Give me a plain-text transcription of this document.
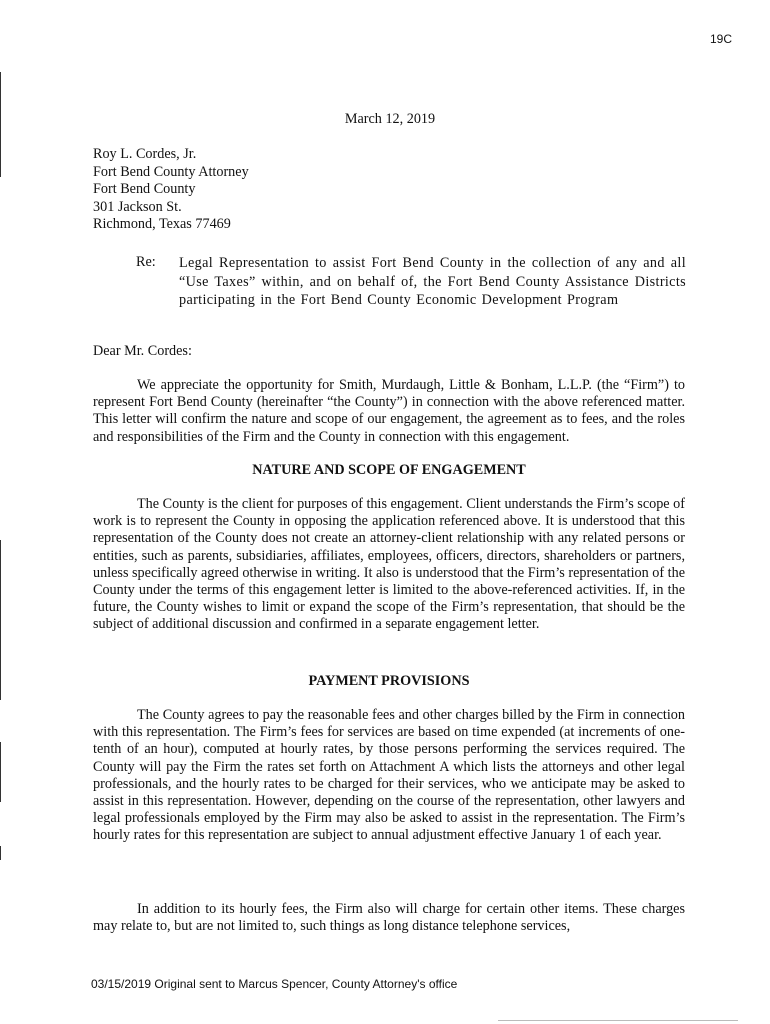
19C
March 12, 2019
Roy L. Cordes, Jr.
Fort Bend County Attorney
Fort Bend County
301 Jackson St.
Richmond, Texas 77469
Re: Legal Representation to assist Fort Bend County in the collection of any and all “Use Taxes” within, and on behalf of, the Fort Bend County Assistance Districts participating in the Fort Bend County Economic Development Program
Dear Mr. Cordes:
We appreciate the opportunity for Smith, Murdaugh, Little & Bonham, L.L.P. (the “Firm”) to represent Fort Bend County (hereinafter “the County”) in connection with the above referenced matter. This letter will confirm the nature and scope of our engagement, the agreement as to fees, and the roles and responsibilities of the Firm and the County in connection with this engagement.
NATURE AND SCOPE OF ENGAGEMENT
The County is the client for purposes of this engagement. Client understands the Firm’s scope of work is to represent the County in opposing the application referenced above. It is understood that this representation of the County does not create an attorney-client relationship with any related persons or entities, such as parents, subsidiaries, affiliates, employees, officers, directors, shareholders or partners, unless specifically agreed otherwise in writing. It also is understood that the Firm’s representation of the County under the terms of this engagement letter is limited to the above-referenced activities. If, in the future, the County wishes to limit or expand the scope of the Firm’s representation, that should be the subject of additional discussion and confirmed in a separate engagement letter.
PAYMENT PROVISIONS
The County agrees to pay the reasonable fees and other charges billed by the Firm in connection with this representation. The Firm’s fees for services are based on time expended (at increments of one-tenth of an hour), computed at hourly rates, by those persons performing the services required. The County will pay the Firm the rates set forth on Attachment A which lists the attorneys and other legal professionals, and the hourly rates to be charged for their services, who we anticipate may be asked to assist in this representation. However, depending on the course of the representation, other lawyers and legal professionals employed by the Firm may also be asked to assist in the representation. The Firm’s hourly rates for this representation are subject to annual adjustment effective January 1 of each year.
In addition to its hourly fees, the Firm also will charge for certain other items. These charges may relate to, but are not limited to, such things as long distance telephone services,
03/15/2019 Original sent to Marcus Spencer, County Attorney's office
